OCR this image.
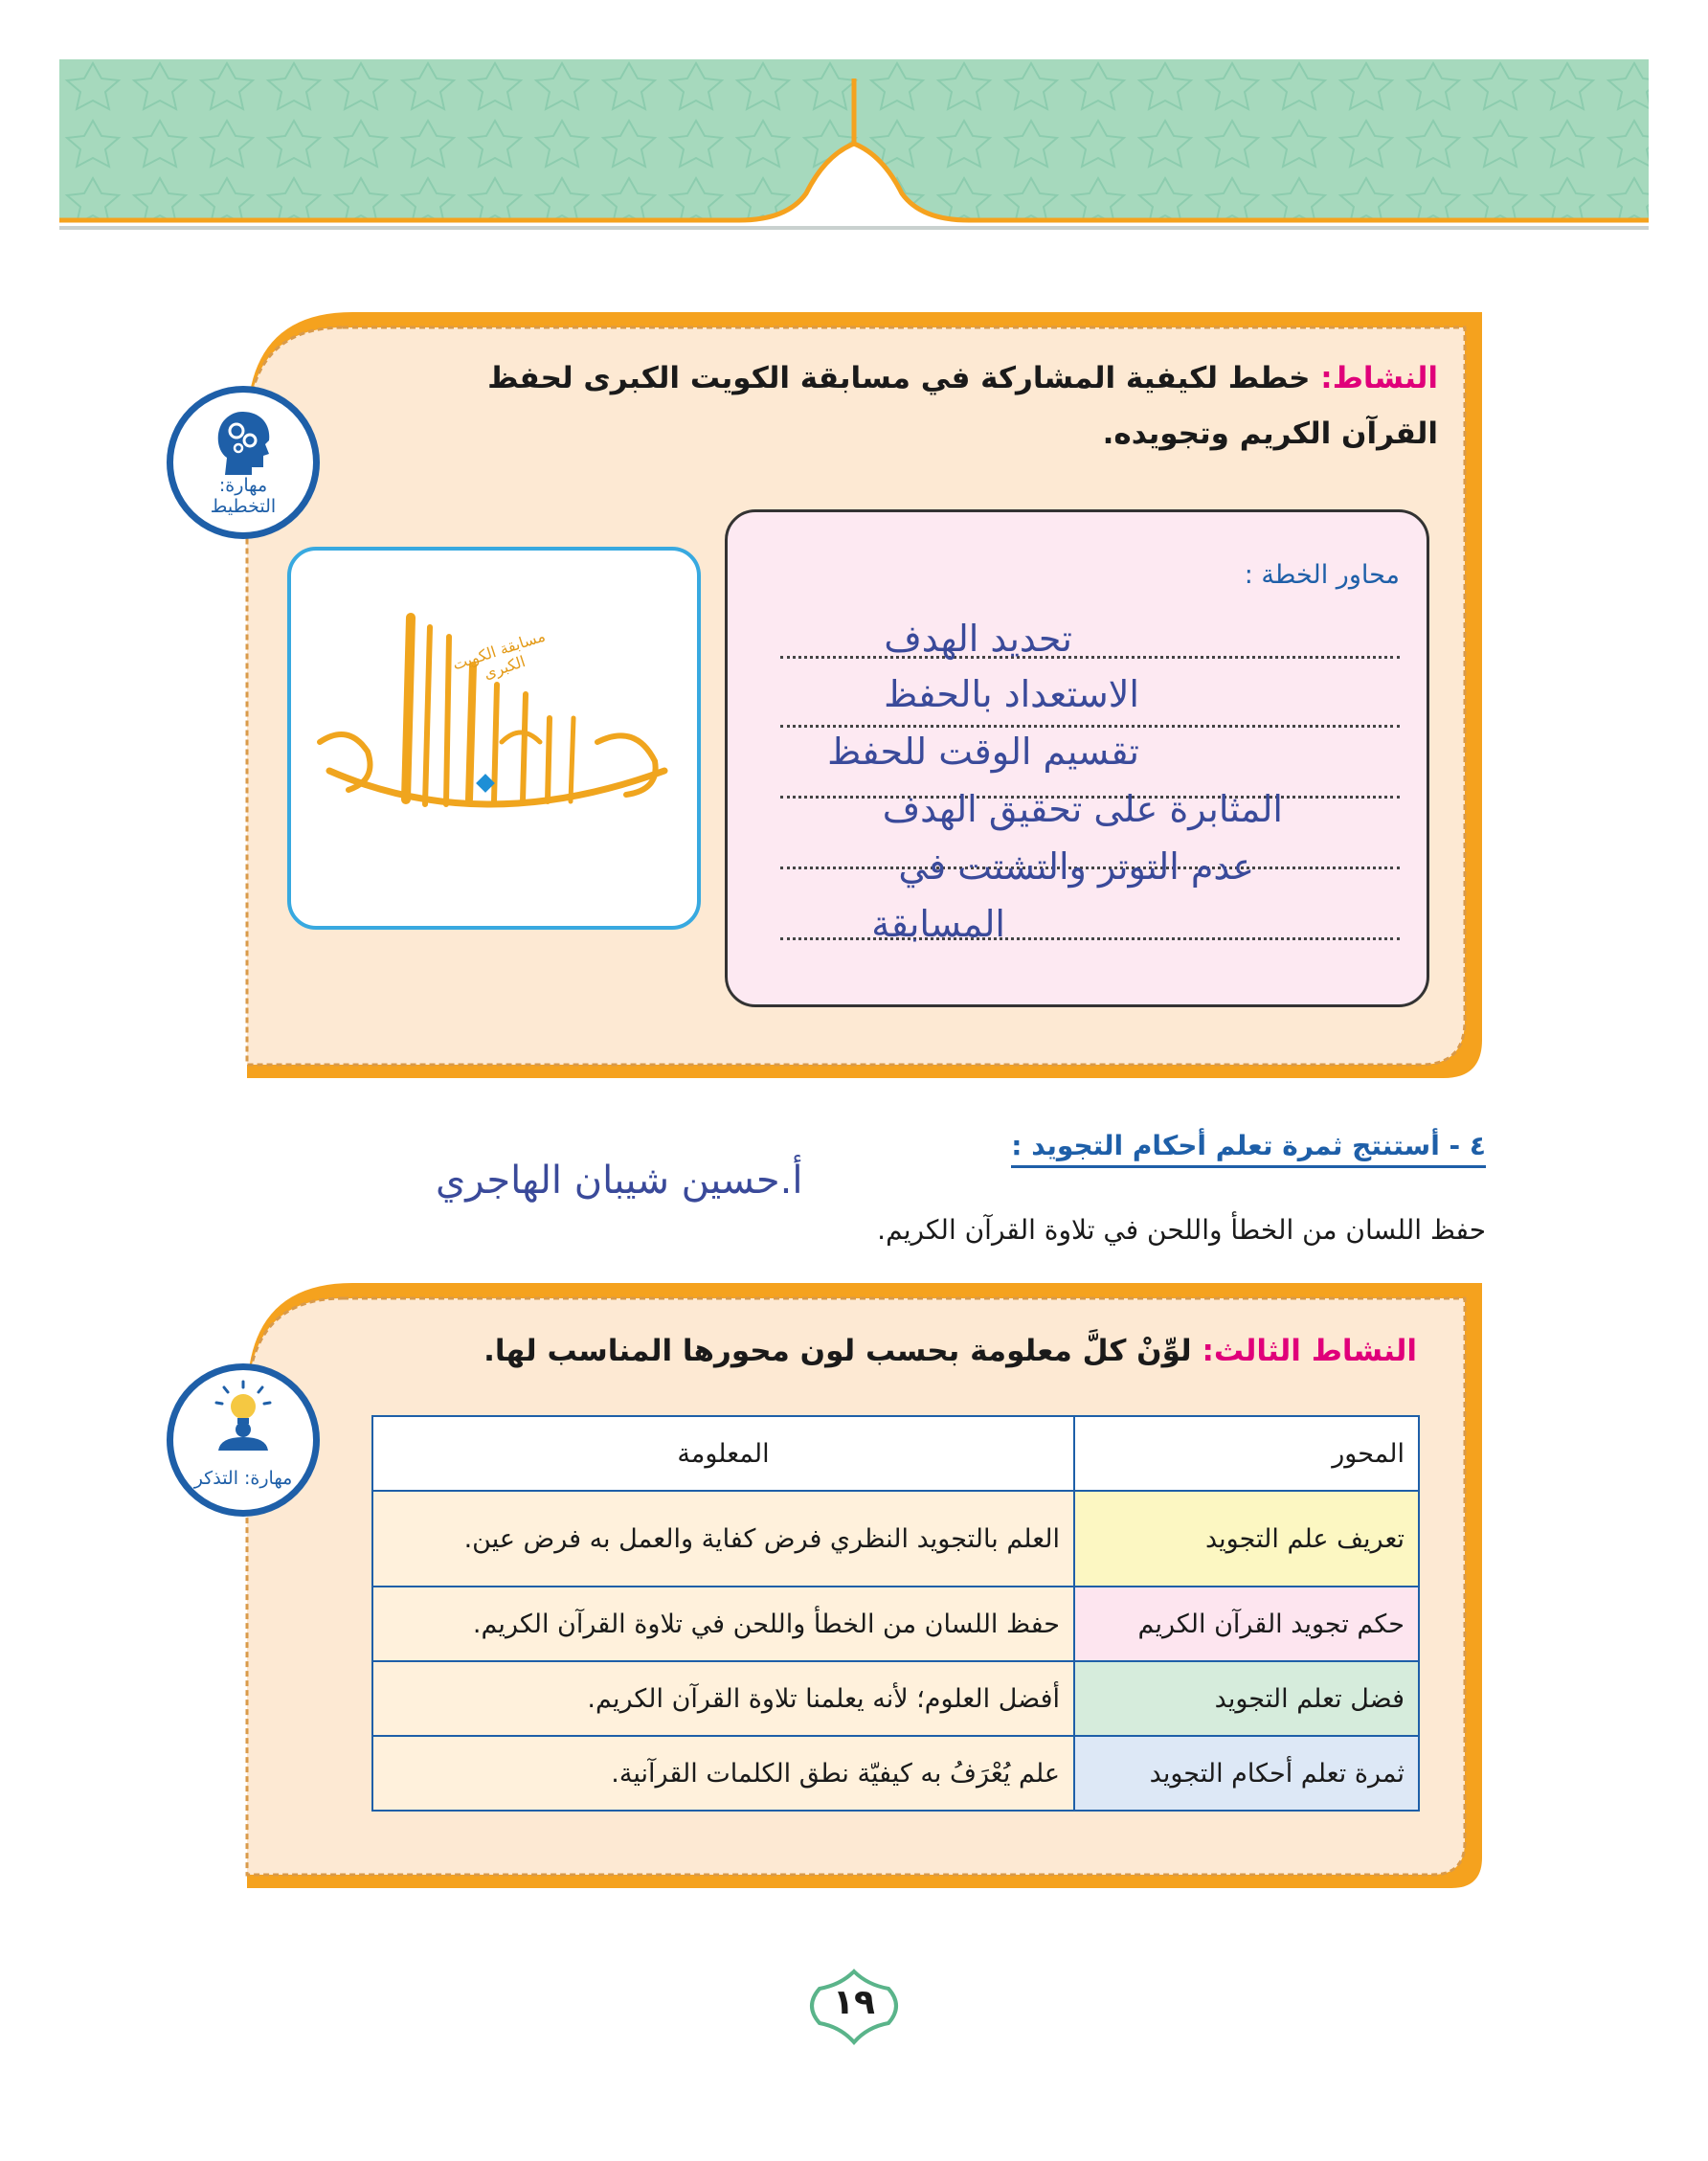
النشاط: خطط لكيفية المشاركة في مسابقة الكويت الكبرى لحفظ القرآن الكريم وتجويده.
مهارة:
التخطيط
مسابقة الكويت الكبرى
محاور الخطة :
تحديد الهدف
الاستعداد بالحفظ
تقسيم الوقت للحفظ
المثابرة على تحقيق الهدف
عدم التوتر والتشتت في
المسابقة
٤ - أستنتج ثمرة تعلم أحكام التجويد :
أ.حسين شيبان الهاجري
حفظ اللسان من الخطأ واللحن في تلاوة القرآن الكريم.
النشاط الثالث: لوِّنْ كلَّ معلومة بحسب لون محورها المناسب لها.
مهارة: التذكر
المحور	المعلومة
تعريف علم التجويد	العلم بالتجويد النظري فرض كفاية والعمل به فرض عين.
حكم تجويد القرآن الكريم	حفظ اللسان من الخطأ واللحن في تلاوة القرآن الكريم.
فضل تعلم التجويد	أفضل العلوم؛ لأنه يعلمنا تلاوة القرآن الكريم.
ثمرة تعلم أحكام التجويد	علم يُعْرَفُ به كيفيّة نطق الكلمات القرآنية.
١٩
